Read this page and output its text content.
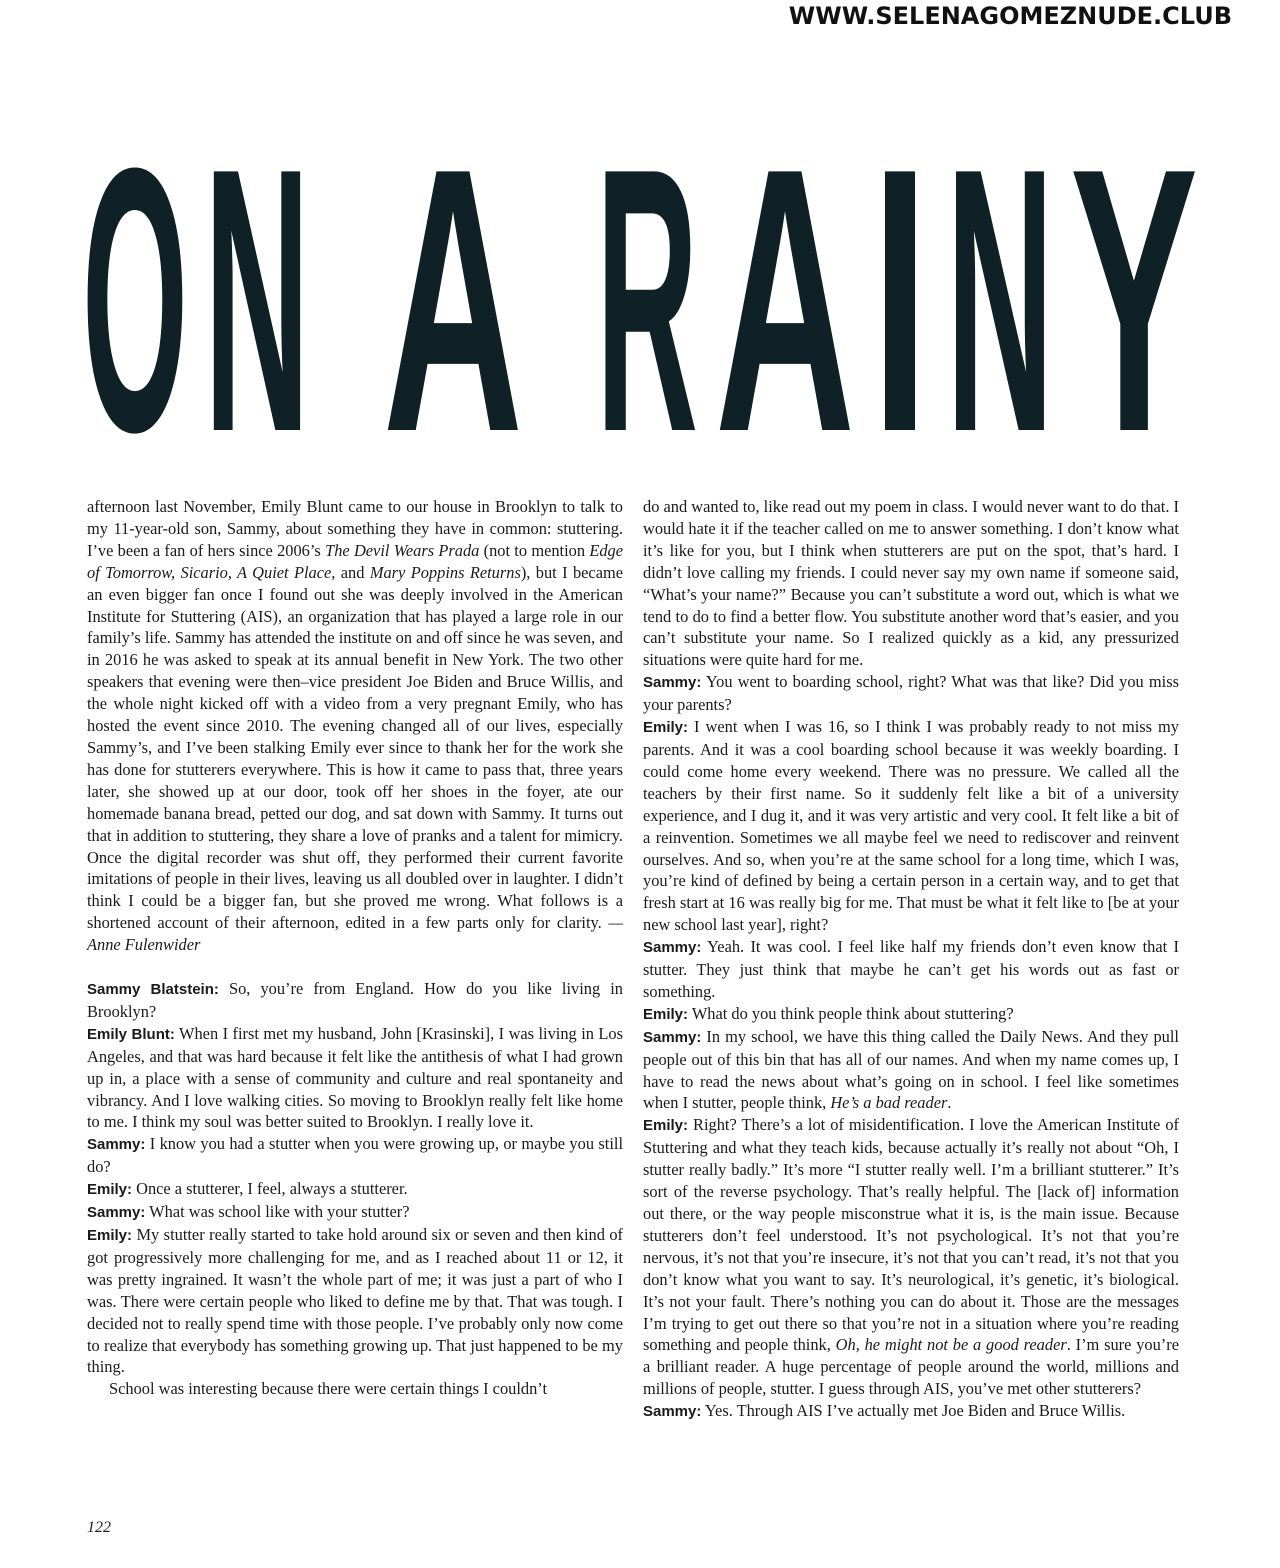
WWW.SELENAGOMEZNUDE.CLUB
O N A R A I N Y

afternoon last November, Emily Blunt came to our house in Brooklyn to talk to my 11-year-old son, Sammy, about something they have in common: stuttering. I’ve been a fan of hers since 2006’s The Devil Wears Prada (not to mention Edge of Tomorrow, Sicario, A Quiet Place, and Mary Poppins Returns), but I became an even bigger fan once I found out she was deeply involved in the American Institute for Stuttering (AIS), an organization that has played a large role in our family’s life. Sammy has attended the institute on and off since he was seven, and in 2016 he was asked to speak at its annual benefit in New York. The two other speakers that evening were then–vice president Joe Biden and Bruce Willis, and the whole night kicked off with a video from a very pregnant Emily, who has hosted the event since 2010. The evening changed all of our lives, especially Sammy’s, and I’ve been stalking Emily ever since to thank her for the work she has done for stutterers everywhere. This is how it came to pass that, three years later, she showed up at our door, took off her shoes in the foyer, ate our homemade banana bread, petted our dog, and sat down with Sammy. It turns out that in addition to stuttering, they share a love of pranks and a talent for mimicry. Once the digital recorder was shut off, they performed their current favorite imitations of people in their lives, leaving us all doubled over in laughter. I didn’t think I could be a bigger fan, but she proved me wrong. What follows is a shortened account of their afternoon, edited in a few parts only for clarity. —Anne Fulenwider

Sammy Blatstein: So, you’re from England. How do you like living in Brooklyn?

Emily Blunt: When I first met my husband, John [Krasinski], I was living in Los Angeles, and that was hard because it felt like the antithesis of what I had grown up in, a place with a sense of community and culture and real spontaneity and vibrancy. And I love walking cities. So moving to Brooklyn really felt like home to me. I think my soul was better suited to Brooklyn. I really love it.

Sammy: I know you had a stutter when you were growing up, or maybe you still do?

Emily: Once a stutterer, I feel, always a stutterer.

Sammy: What was school like with your stutter?

Emily: My stutter really started to take hold around six or seven and then kind of got progressively more challenging for me, and as I reached about 11 or 12, it was pretty ingrained. It wasn’t the whole part of me; it was just a part of who I was. There were certain people who liked to define me by that. That was tough. I decided not to really spend time with those people. I’ve probably only now come to realize that everybody has something growing up. That just happened to be my thing.

School was interesting because there were certain things I couldn’t

do and wanted to, like read out my poem in class. I would never want to do that. I would hate it if the teacher called on me to answer something. I don’t know what it’s like for you, but I think when stutterers are put on the spot, that’s hard. I didn’t love calling my friends. I could never say my own name if someone said, “What’s your name?” Because you can’t substitute a word out, which is what we tend to do to find a better flow. You substitute another word that’s easier, and you can’t substitute your name. So I realized quickly as a kid, any pressurized situations were quite hard for me.

Sammy: You went to boarding school, right? What was that like? Did you miss your parents?

Emily: I went when I was 16, so I think I was probably ready to not miss my parents. And it was a cool boarding school because it was weekly boarding. I could come home every weekend. There was no pressure. We called all the teachers by their first name. So it suddenly felt like a bit of a university experience, and I dug it, and it was very artistic and very cool. It felt like a bit of a reinvention. Sometimes we all maybe feel we need to rediscover and reinvent ourselves. And so, when you’re at the same school for a long time, which I was, you’re kind of defined by being a certain person in a certain way, and to get that fresh start at 16 was really big for me. That must be what it felt like to [be at your new school last year], right?

Sammy: Yeah. It was cool. I feel like half my friends don’t even know that I stutter. They just think that maybe he can’t get his words out as fast or something.

Emily: What do you think people think about stuttering?

Sammy: In my school, we have this thing called the Daily News. And they pull people out of this bin that has all of our names. And when my name comes up, I have to read the news about what’s going on in school. I feel like sometimes when I stutter, people think, He’s a bad reader.

Emily: Right? There’s a lot of misidentification. I love the American Institute of Stuttering and what they teach kids, because actually it’s really not about “Oh, I stutter really badly.” It’s more “I stutter really well. I’m a brilliant stutterer.” It’s sort of the reverse psychology. That’s really helpful. The [lack of] information out there, or the way people misconstrue what it is, is the main issue. Because stutterers don’t feel understood. It’s not psychological. It’s not that you’re nervous, it’s not that you’re insecure, it’s not that you can’t read, it’s not that you don’t know what you want to say. It’s neurological, it’s genetic, it’s biological. It’s not your fault. There’s nothing you can do about it. Those are the messages I’m trying to get out there so that you’re not in a situation where you’re reading something and people think, Oh, he might not be a good reader. I’m sure you’re a brilliant reader. A huge percentage of people around the world, millions and millions of people, stutter. I guess through AIS, you’ve met other stutterers?

Sammy: Yes. Through AIS I’ve actually met Joe Biden and Bruce Willis.

122
